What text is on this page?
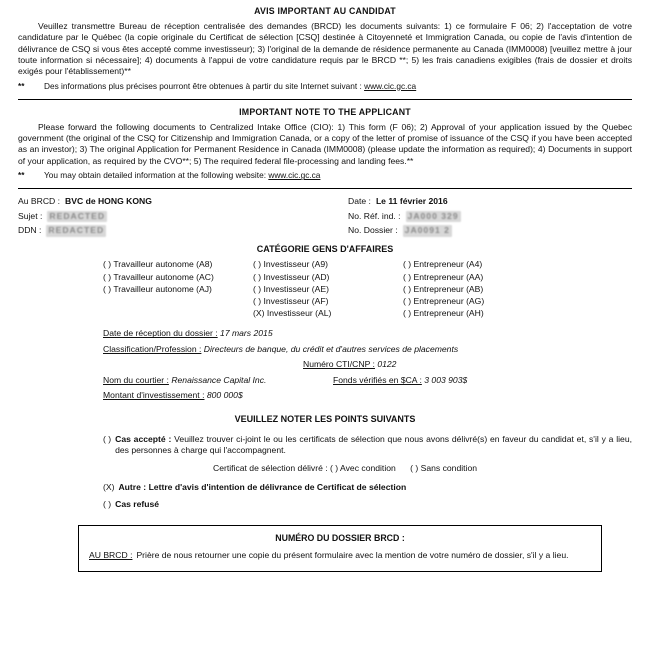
AVIS IMPORTANT AU CANDIDAT
Veuillez transmettre Bureau de réception centralisée des demandes (BRCD) les documents suivants: 1) ce formulaire F 06; 2) l'acceptation de votre candidature par le Québec (la copie originale du Certificat de sélection [CSQ] destinée à Citoyenneté et Immigration Canada, ou copie de l'avis d'intention de délivrance de CSQ si vous êtes accepté comme investisseur); 3) l'original de la demande de résidence permanente au Canada (IMM0008) [veuillez mettre à jour toute information si nécessaire]; 4) documents à l'appui de votre candidature requis par le BRCD **; 5) les frais canadiens exigibles (frais de dossier et droits exigés pour l'établissement)**
**	Des informations plus précises pourront être obtenues à partir du site Internet suivant : www.cic.gc.ca
IMPORTANT NOTE TO THE APPLICANT
Please forward the following documents to Centralized Intake Office (CIO): 1) This form (F 06); 2) Approval of your application issued by the Quebec government (the original of the CSQ for Citizenship and Immigration Canada, or a copy of the letter of promise of issuance of the CSQ if you have been accepted as an investor); 3) The original Application for Permanent Residence in Canada (IMM0008) (please update the information as required); 4) Documents in support of your application, as required by the CVO**; 5) The required federal file-processing and landing fees.**
**	You may obtain detailed information at the following website: www.cic.gc.ca
Au BRCD : BVC de HONG KONG
Sujet : REDACTED
DDN : REDACTED
Date : Le 11 février 2016
No. Réf. ind. : JA000 329
No. Dossier : JA0091 2
CATÉGORIE GENS D'AFFAIRES
( ) Travailleur autonome (A8)
( ) Travailleur autonome (AC)
( ) Travailleur autonome (AJ)
( ) Investisseur (A9)
( ) Investisseur (AD)
( ) Investisseur (AE)
( ) Investisseur (AF)
(X) Investisseur (AL)
( ) Entrepreneur (A4)
( ) Entrepreneur (AA)
( ) Entrepreneur (AB)
( ) Entrepreneur (AG)
( ) Entrepreneur (AH)
Date de réception du dossier : 17 mars 2015
Classification/Profession : Directeurs de banque, du crédit et d'autres services de placements
Numéro CTI/CNP : 0122
Nom du courtier : Renaissance Capital Inc.	Fonds vérifiés en $CA : 3 003 903$
Montant d'investissement : 800 000$
VEUILLEZ NOTER LES POINTS SUIVANTS
( ) Cas accepté : Veuillez trouver ci-joint le ou les certificats de sélection que nous avons délivré(s) en faveur du candidat et, s'il y a lieu, des personnes à charge qui l'accompagnent.
Certificat de sélection délivré : ( ) Avec condition ( ) Sans condition
(X) Autre : Lettre d'avis d'intention de délivrance de Certificat de sélection
( ) Cas refusé
NUMÉRO DU DOSSIER BRCD :
AU BRCD : Prière de nous retourner une copie du présent formulaire avec la mention de votre numéro de dossier, s'il y a lieu.
